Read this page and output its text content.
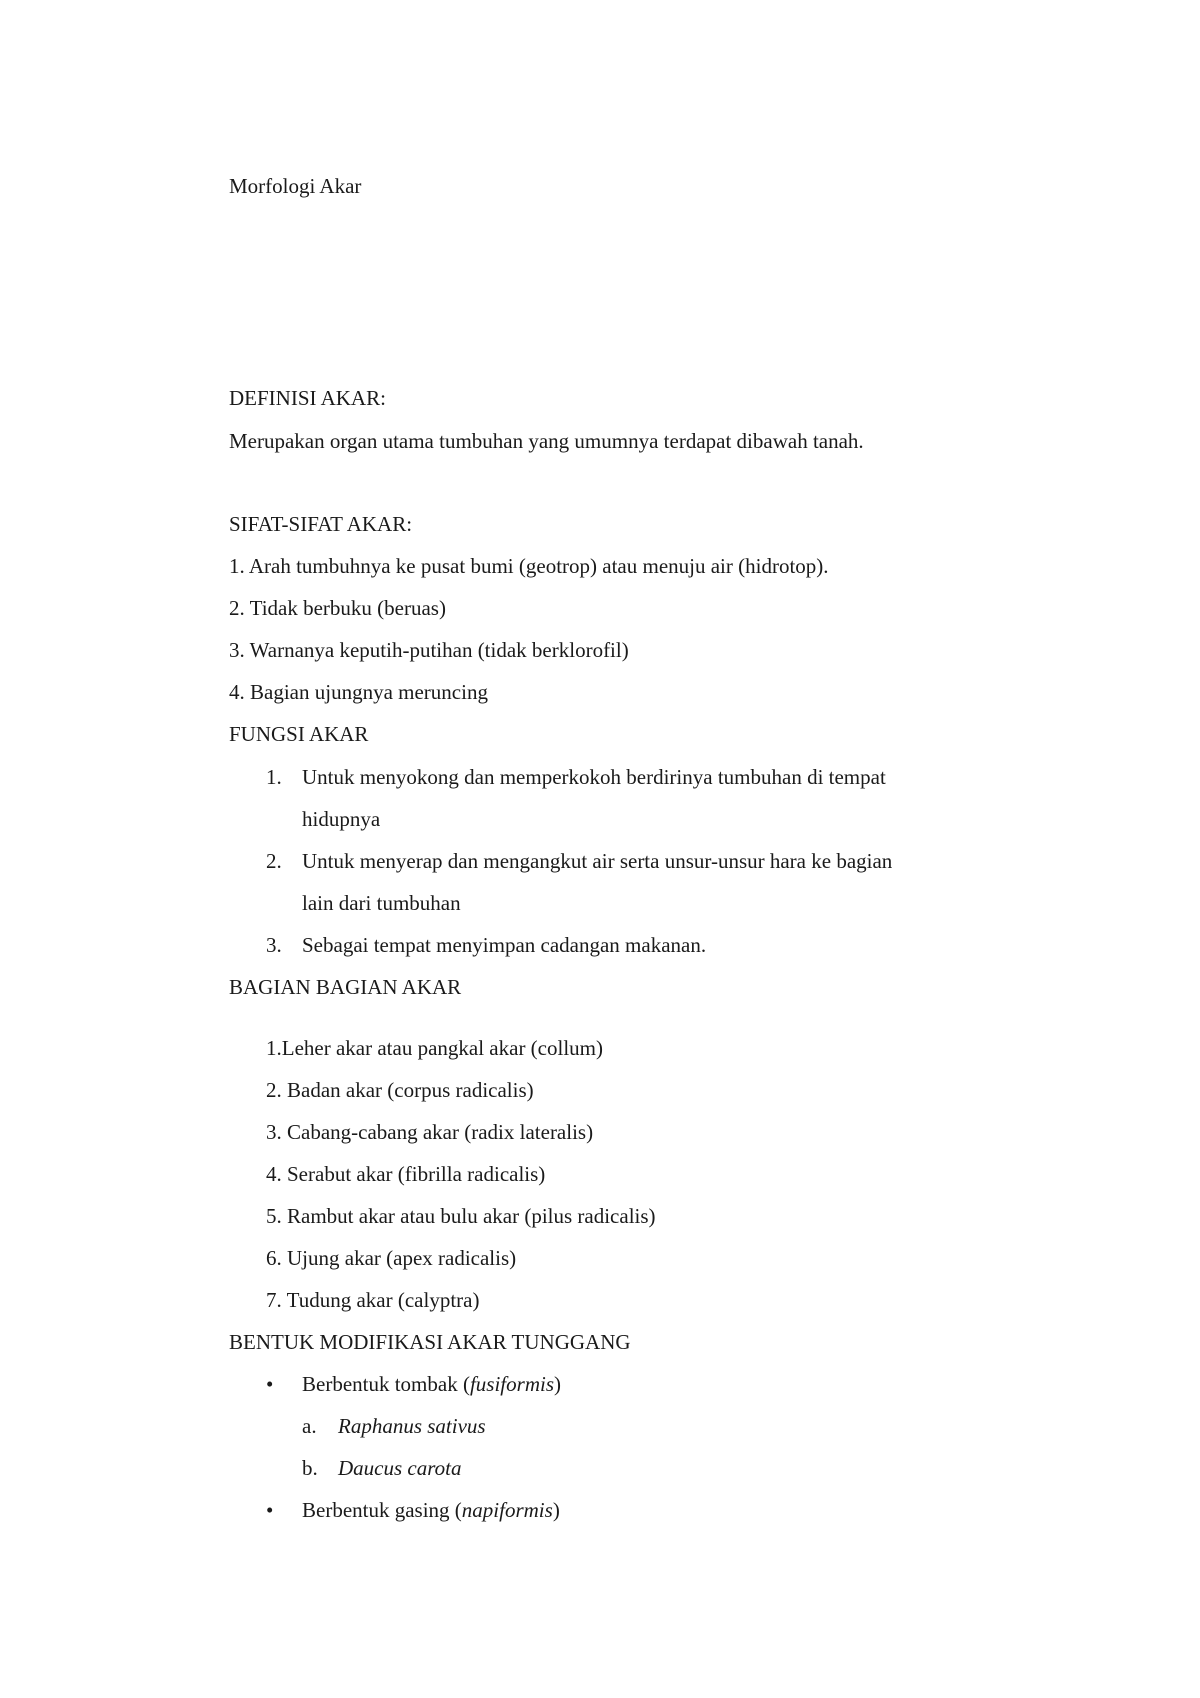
Morfologi Akar
DEFINISI AKAR:
Merupakan organ utama tumbuhan yang umumnya terdapat dibawah tanah.
SIFAT-SIFAT AKAR:
1. Arah tumbuhnya ke pusat bumi (geotrop) atau menuju air (hidrotop).
2. Tidak berbuku (beruas)
3. Warnanya keputih-putihan (tidak berklorofil)
4. Bagian ujungnya meruncing
FUNGSI AKAR
1. Untuk menyokong dan memperkokoh berdirinya tumbuhan di tempat
hidupnya
2. Untuk menyerap dan mengangkut air serta unsur-unsur hara ke bagian
lain dari tumbuhan
3. Sebagai tempat menyimpan cadangan makanan.
BAGIAN BAGIAN AKAR
1.Leher akar atau pangkal akar (collum)
2. Badan akar (corpus radicalis)
3. Cabang-cabang akar (radix lateralis)
4. Serabut akar (fibrilla radicalis)
5. Rambut akar atau bulu akar (pilus radicalis)
6. Ujung akar (apex radicalis)
7. Tudung akar (calyptra)
BENTUK MODIFIKASI AKAR TUNGGANG
• Berbentuk tombak (fusiformis)
a. Raphanus sativus
b. Daucus carota
• Berbentuk gasing (napiformis)
